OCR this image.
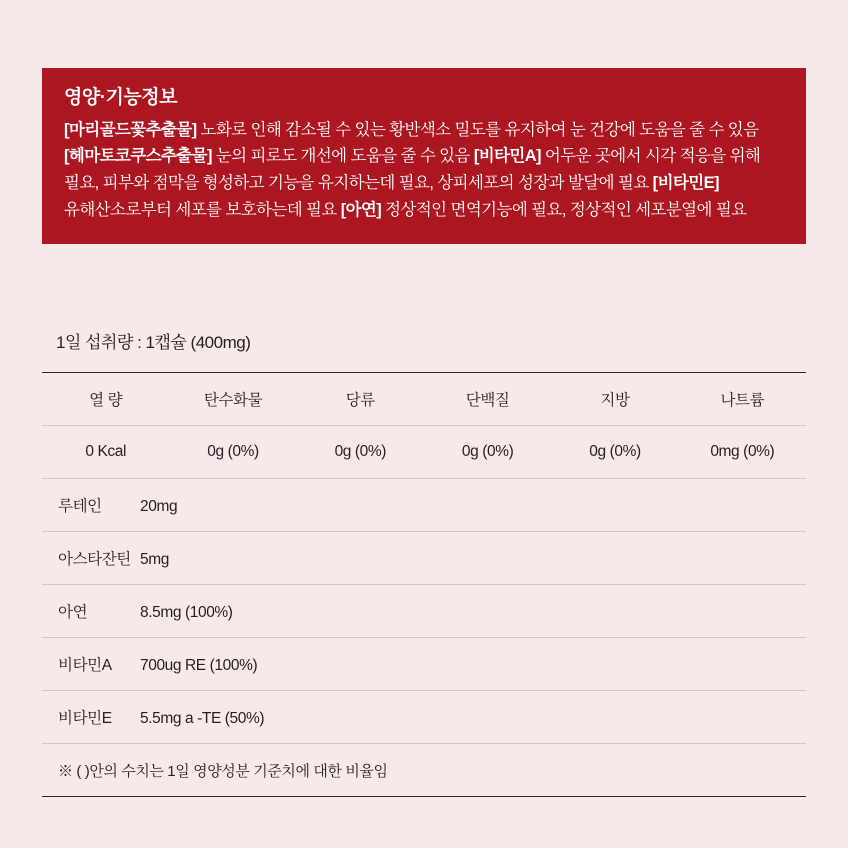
영양·기능정보

[마리골드꽃추출물] 노화로 인해 감소될 수 있는 황반색소 밀도를 유지하여 눈 건강에 도움을 줄 수 있음 [헤마토코쿠스추출물] 눈의 피로도 개선에 도움을 줄 수 있음 [비타민A] 어두운 곳에서 시각 적응을 위해 필요, 피부와 점막을 형성하고 기능을 유지하는데 필요, 상피세포의 성장과 발달에 필요 [비타민E] 유해산소로부터 세포를 보호하는데 필요 [아연] 정상적인 면역기능에 필요, 정상적인 세포분열에 필요

1일 섭취량 : 1캡슐 (400mg)
열 량	탄수화물	당류	단백질	지방	나트륨
0 Kcal	0g (0%)	0g (0%)	0g (0%)	0g (0%)	0mg (0%)
루테인 20mg					
아스타잔틴 5mg					
아연 8.5mg (100%)					
비타민A 700ug RE (100%)					
비타민E 5.5mg a -TE (50%)					
※ ( )안의 수치는 1일 영양성분 기준치에 대한 비율임					
